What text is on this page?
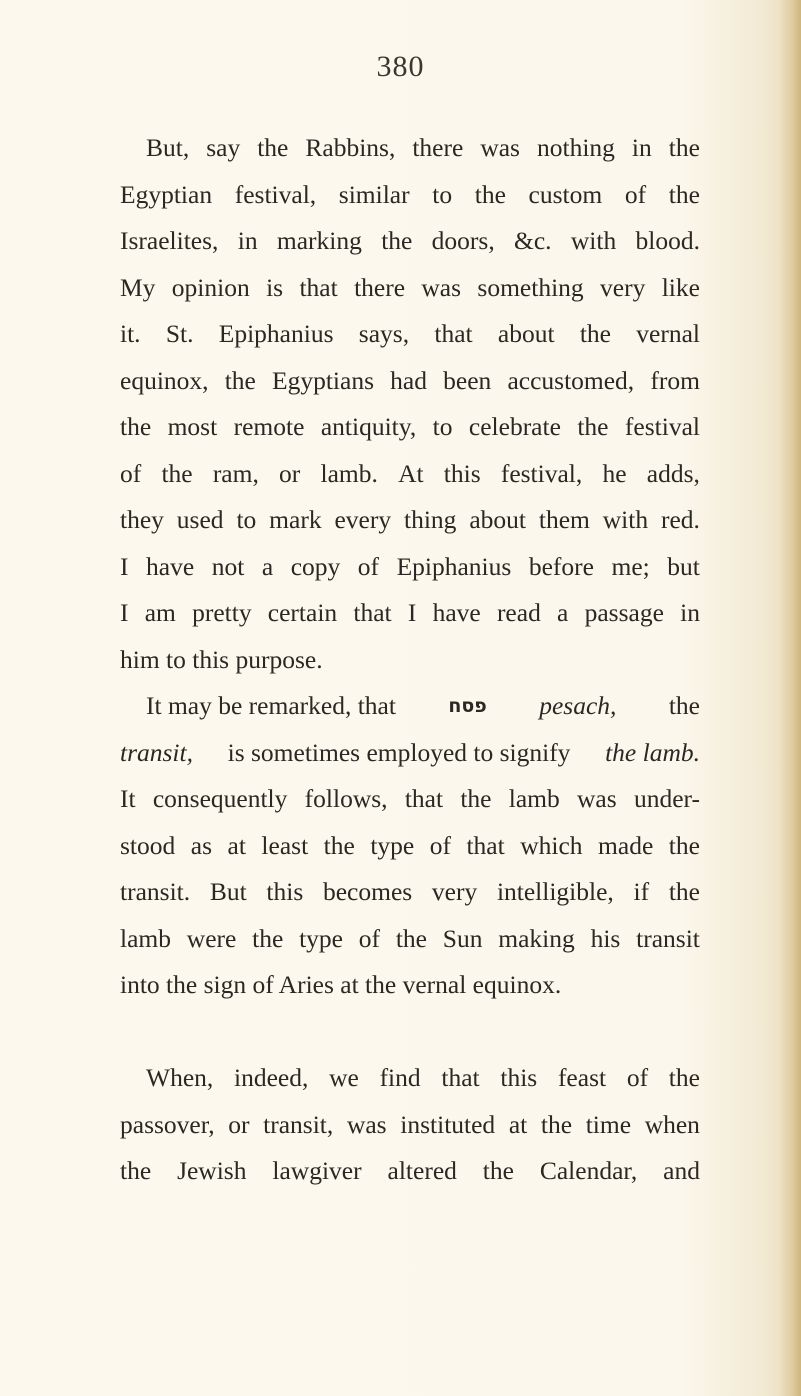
380
But, say the Rabbins, there was nothing in the
Egyptian festival, similar to the custom of the
Israelites, in marking the doors, &c. with blood.
My opinion is that there was something very like
it. St. Epiphanius says, that about the vernal
equinox, the Egyptians had been accustomed, from
the most remote antiquity, to celebrate the festival
of the ram, or lamb. At this festival, he adds,
they used to mark every thing about them with red.
I have not a copy of Epiphanius before me; but
I am pretty certain that I have read a passage in
him to this purpose.
It may be remarked, that	פסח pesach, the
transit, is sometimes employed to signify the lamb.
It consequently follows, that the lamb was under-
stood as at least the type of that which made the
transit. But this becomes very intelligible, if the
lamb were the type of the Sun making his transit
into the sign of Aries at the vernal equinox.
When, indeed, we find that this feast of the
passover, or transit, was instituted at the time when
the Jewish lawgiver altered the Calendar, and
